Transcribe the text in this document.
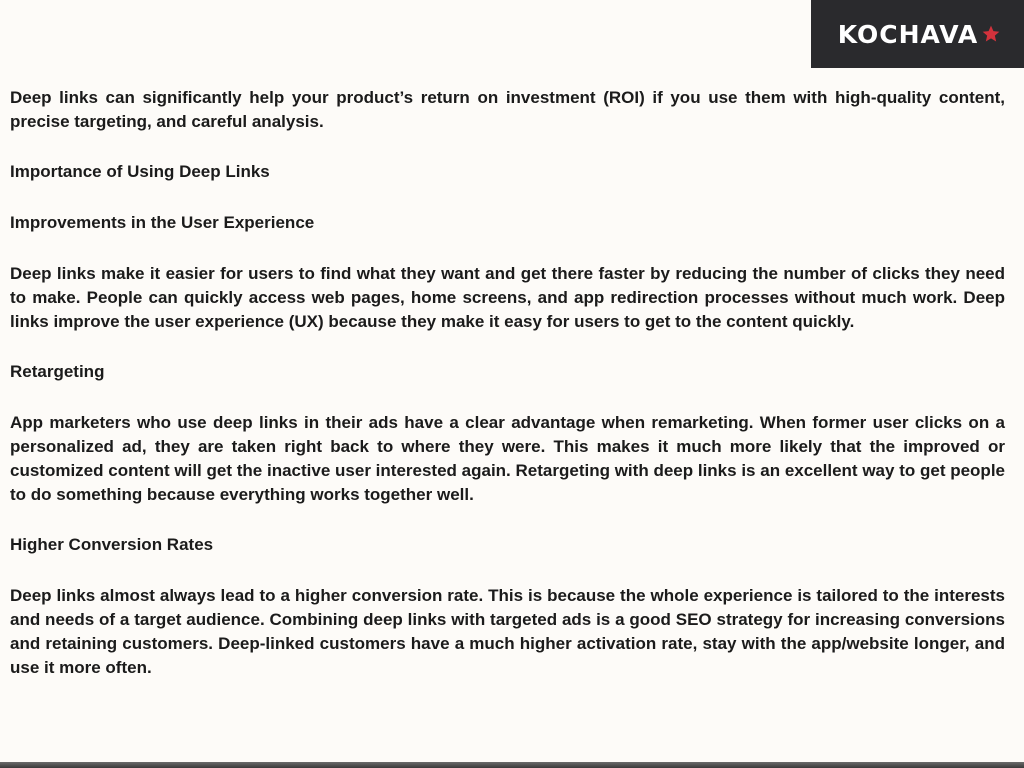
KOCHAVA

Deep links can significantly help your product’s return on investment (ROI) if you use them with high-quality content, precise targeting, and careful analysis.

Importance of Using Deep Links

Improvements in the User Experience

Deep links make it easier for users to find what they want and get there faster by reducing the number of clicks they need to make. People can quickly access web pages, home screens, and app redirection processes without much work. Deep links improve the user experience (UX) because they make it easy for users to get to the content quickly.

Retargeting

App marketers who use deep links in their ads have a clear advantage when remarketing. When former user clicks on a personalized ad, they are taken right back to where they were. This makes it much more likely that the improved or customized content will get the inactive user interested again. Retargeting with deep links is an excellent way to get people to do something because everything works together well.

Higher Conversion Rates

Deep links almost always lead to a higher conversion rate. This is because the whole experience is tailored to the interests and needs of a target audience. Combining deep links with targeted ads is a good SEO strategy for increasing conversions and retaining customers. Deep-linked customers have a much higher activation rate, stay with the app/website longer, and use it more often.
